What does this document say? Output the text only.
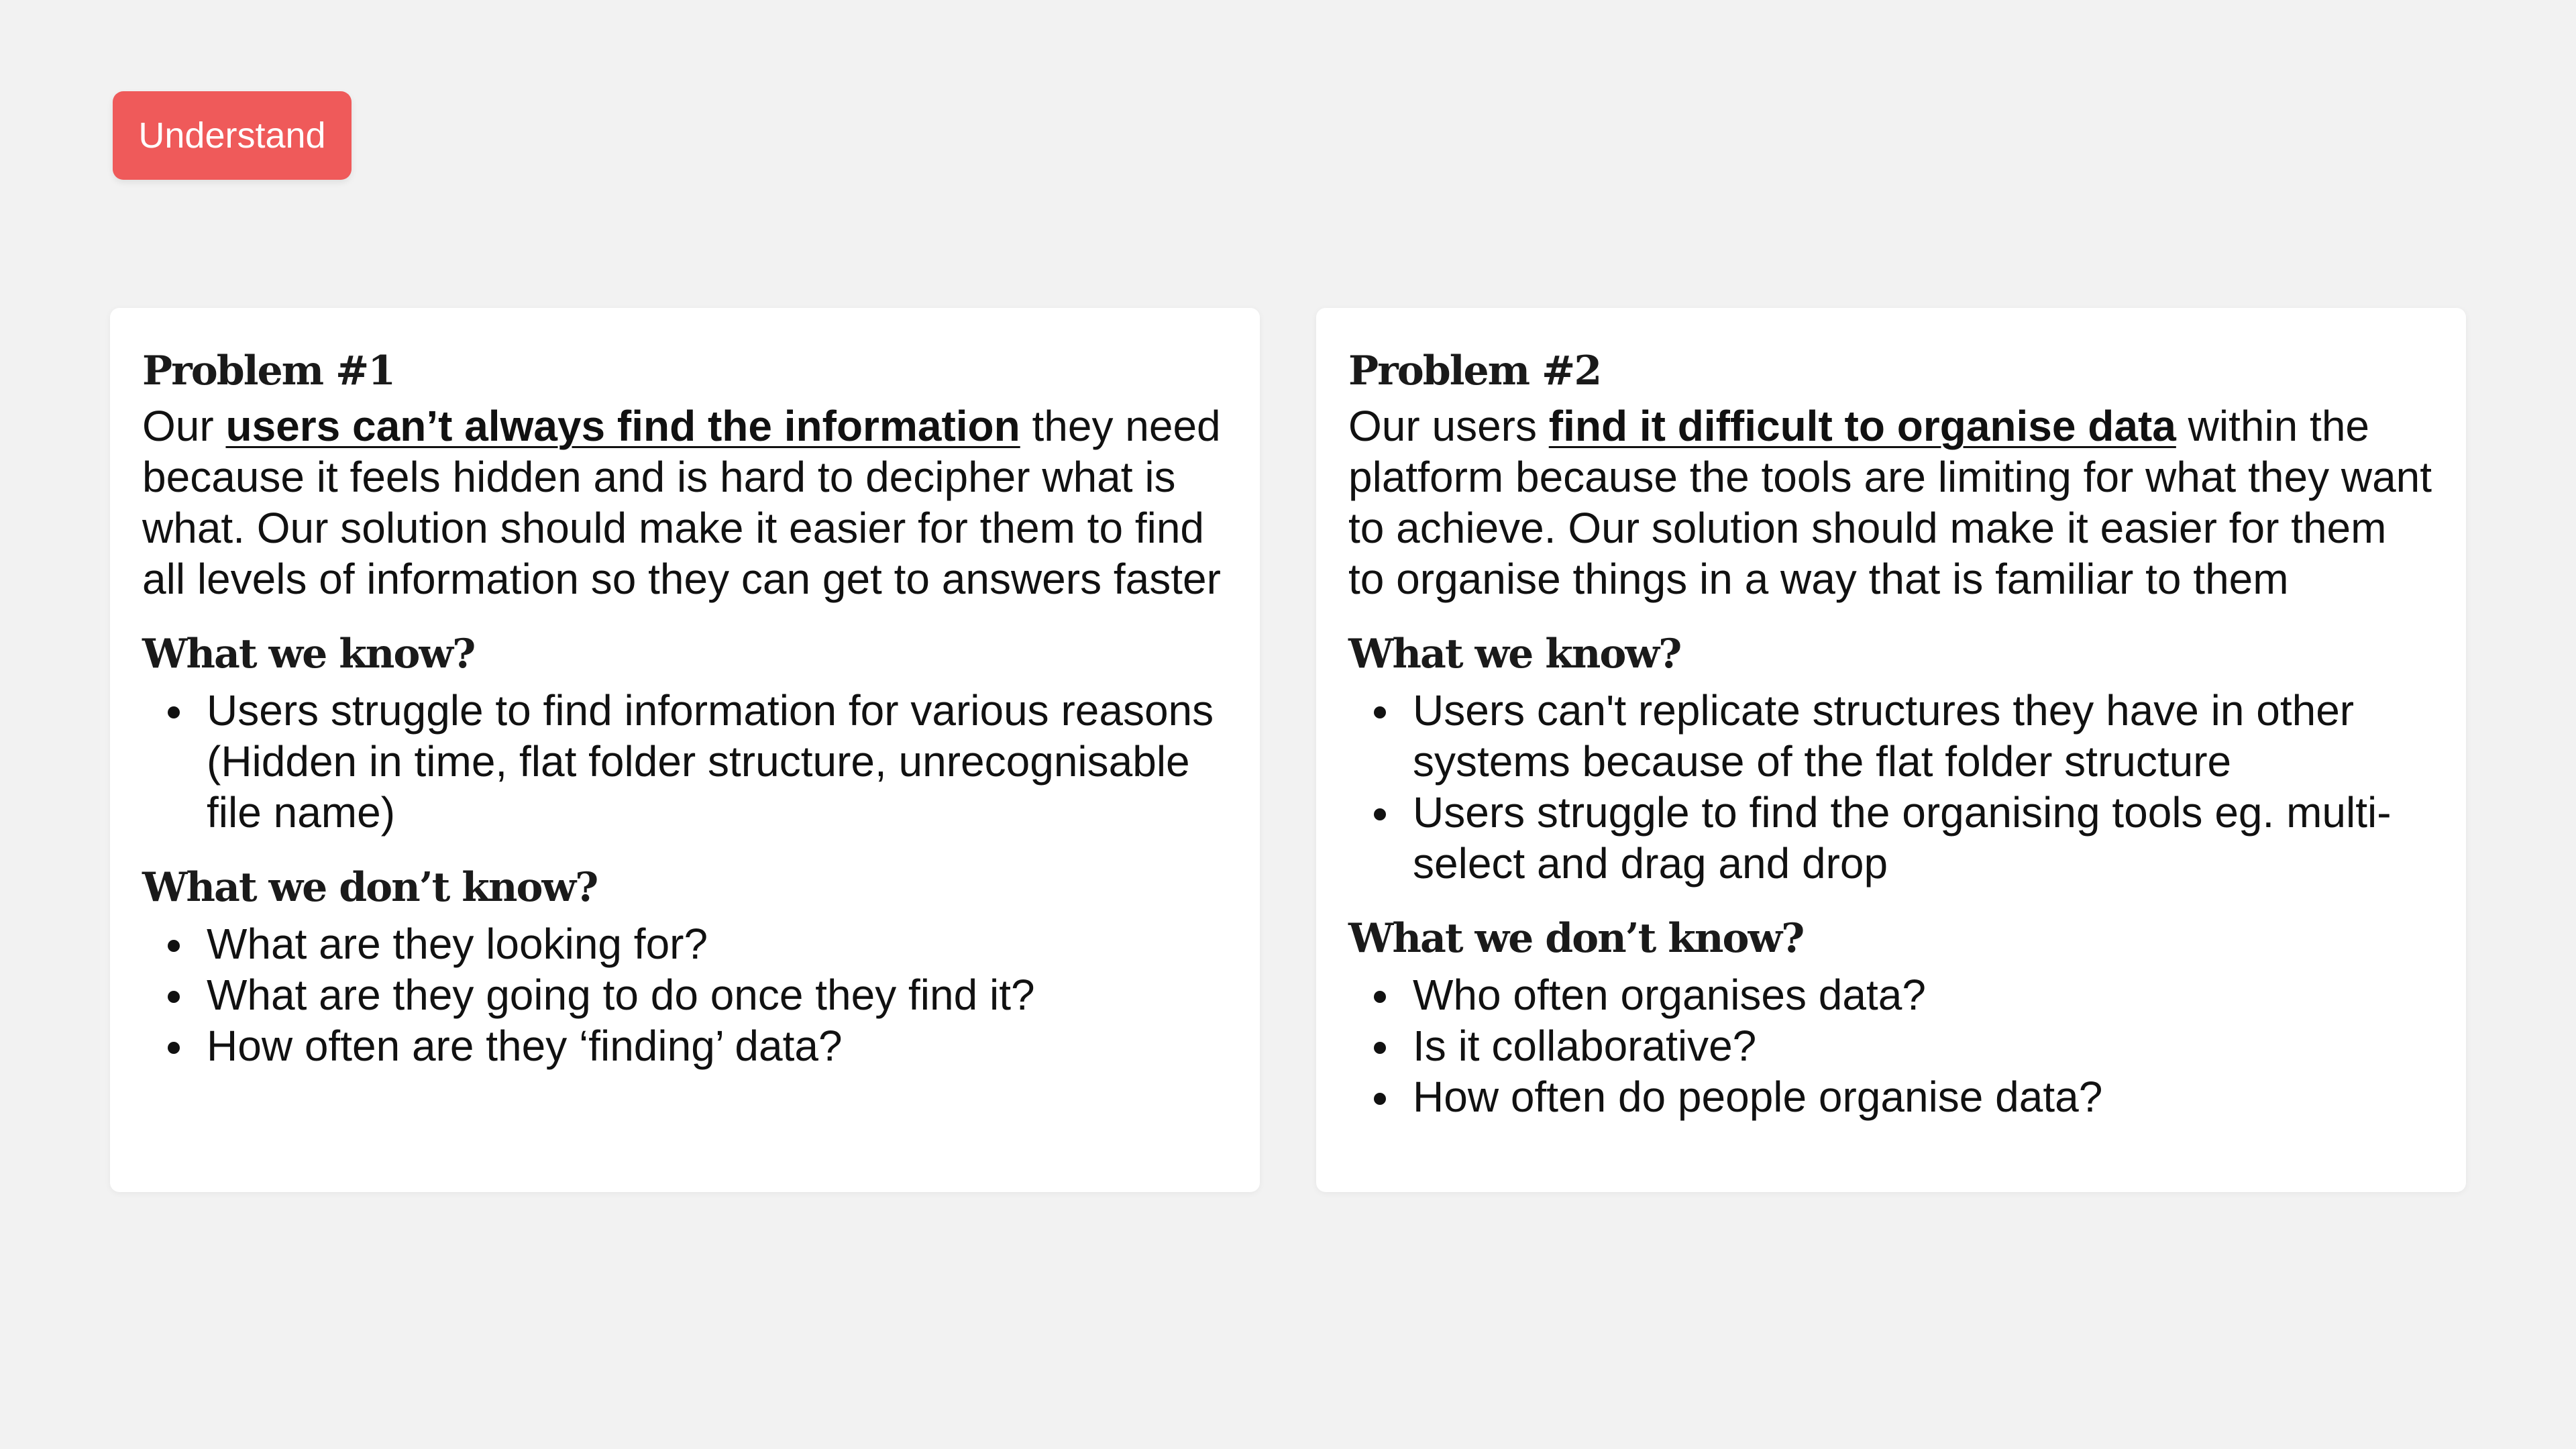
Understand
Problem #1

Our users can’t always find the information they need because it feels hidden and is hard to decipher what is what. Our solution should make it easier for them to find all levels of information so they can get to answers faster

What we know?
Users struggle to find information for various reasons (Hidden in time, flat folder structure, unrecognisable file name)
What we don’t know?
What are they looking for?
What are they going to do once they find it?
How often are they ‘finding’ data?
Problem #2

Our users find it difficult to organise data within the platform because the tools are limiting for what they want to achieve. Our solution should make it easier for them to organise things in a way that is familiar to them

What we know?
Users can't replicate structures they have in other systems because of the flat folder structure
Users struggle to find the organising tools eg. multi-select and drag and drop
What we don’t know?
Who often organises data?
Is it collaborative?
How often do people organise data?
